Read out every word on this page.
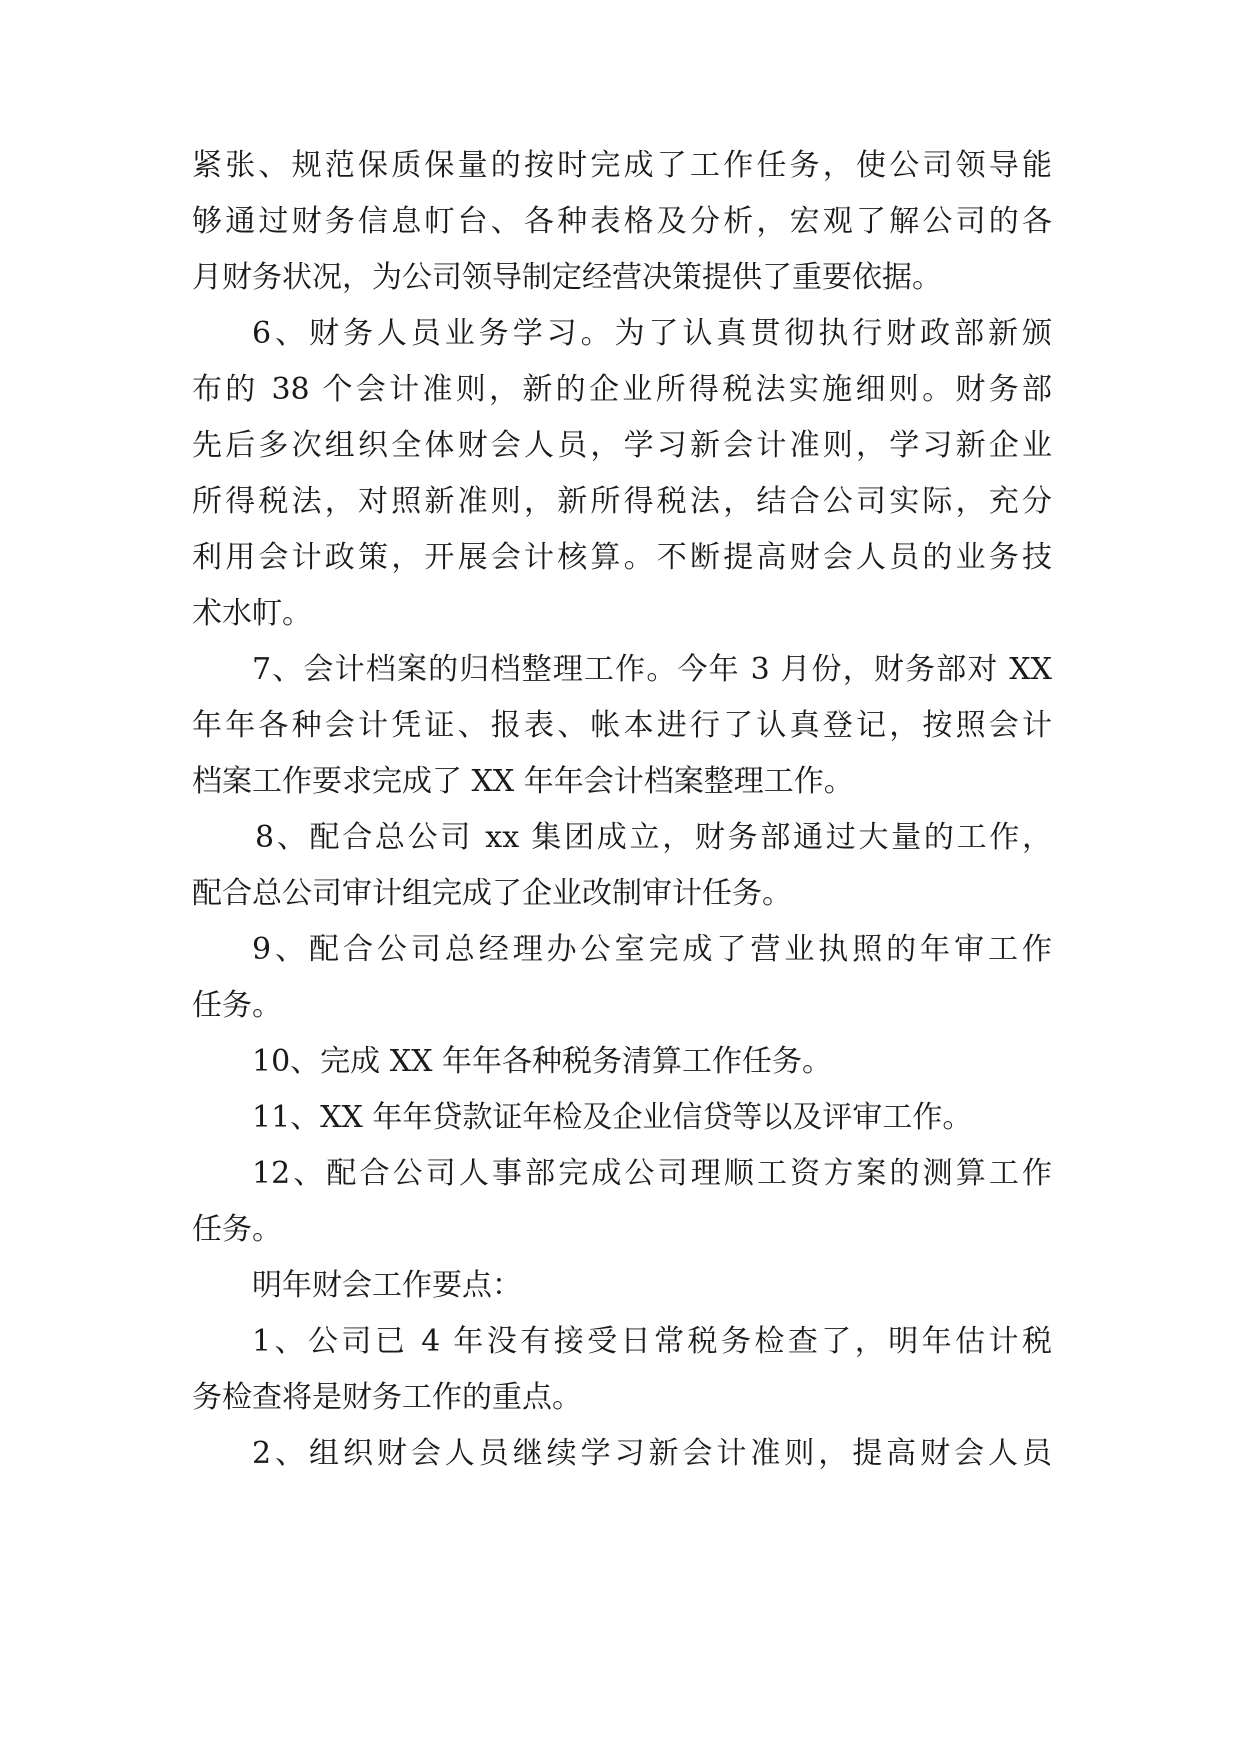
紧张、规范保质保量的按时完成了工作任务，使公司领导能
够通过财务信息帄台、各种表格及分析，宏观了解公司的各
月财务状况，为公司领导制定经营决策提供了重要依据。
6、财务人员业务学习。为了认真贯彻执行财政部新颁
布的 38 个会计准则，新的企业所得税法实施细则。财务部
先后多次组织全体财会人员，学习新会计准则，学习新企业
所得税法，对照新准则，新所得税法，结合公司实际，充分
利用会计政策，开展会计核算。不断提高财会人员的业务技
术水帄。
7、会计档案的归档整理工作。今年 3 月份，财务部对 XX
年年各种会计凭证、报表、帐本进行了认真登记，按照会计
档案工作要求完成了 XX 年年会计档案整理工作。
8、配合总公司 xx 集团成立，财务部通过大量的工作，
配合总公司审计组完成了企业改制审计任务。
9、配合公司总经理办公室完成了营业执照的年审工作
任务。
10、完成 XX 年年各种税务清算工作任务。
11、XX 年年贷款证年检及企业信贷等以及评审工作。
12、配合公司人事部完成公司理顺工资方案的测算工作
任务。
明年财会工作要点：
1、公司已 4 年没有接受日常税务检查了，明年估计税
务检查将是财务工作的重点。
2、组织财会人员继续学习新会计准则，提高财会人员
